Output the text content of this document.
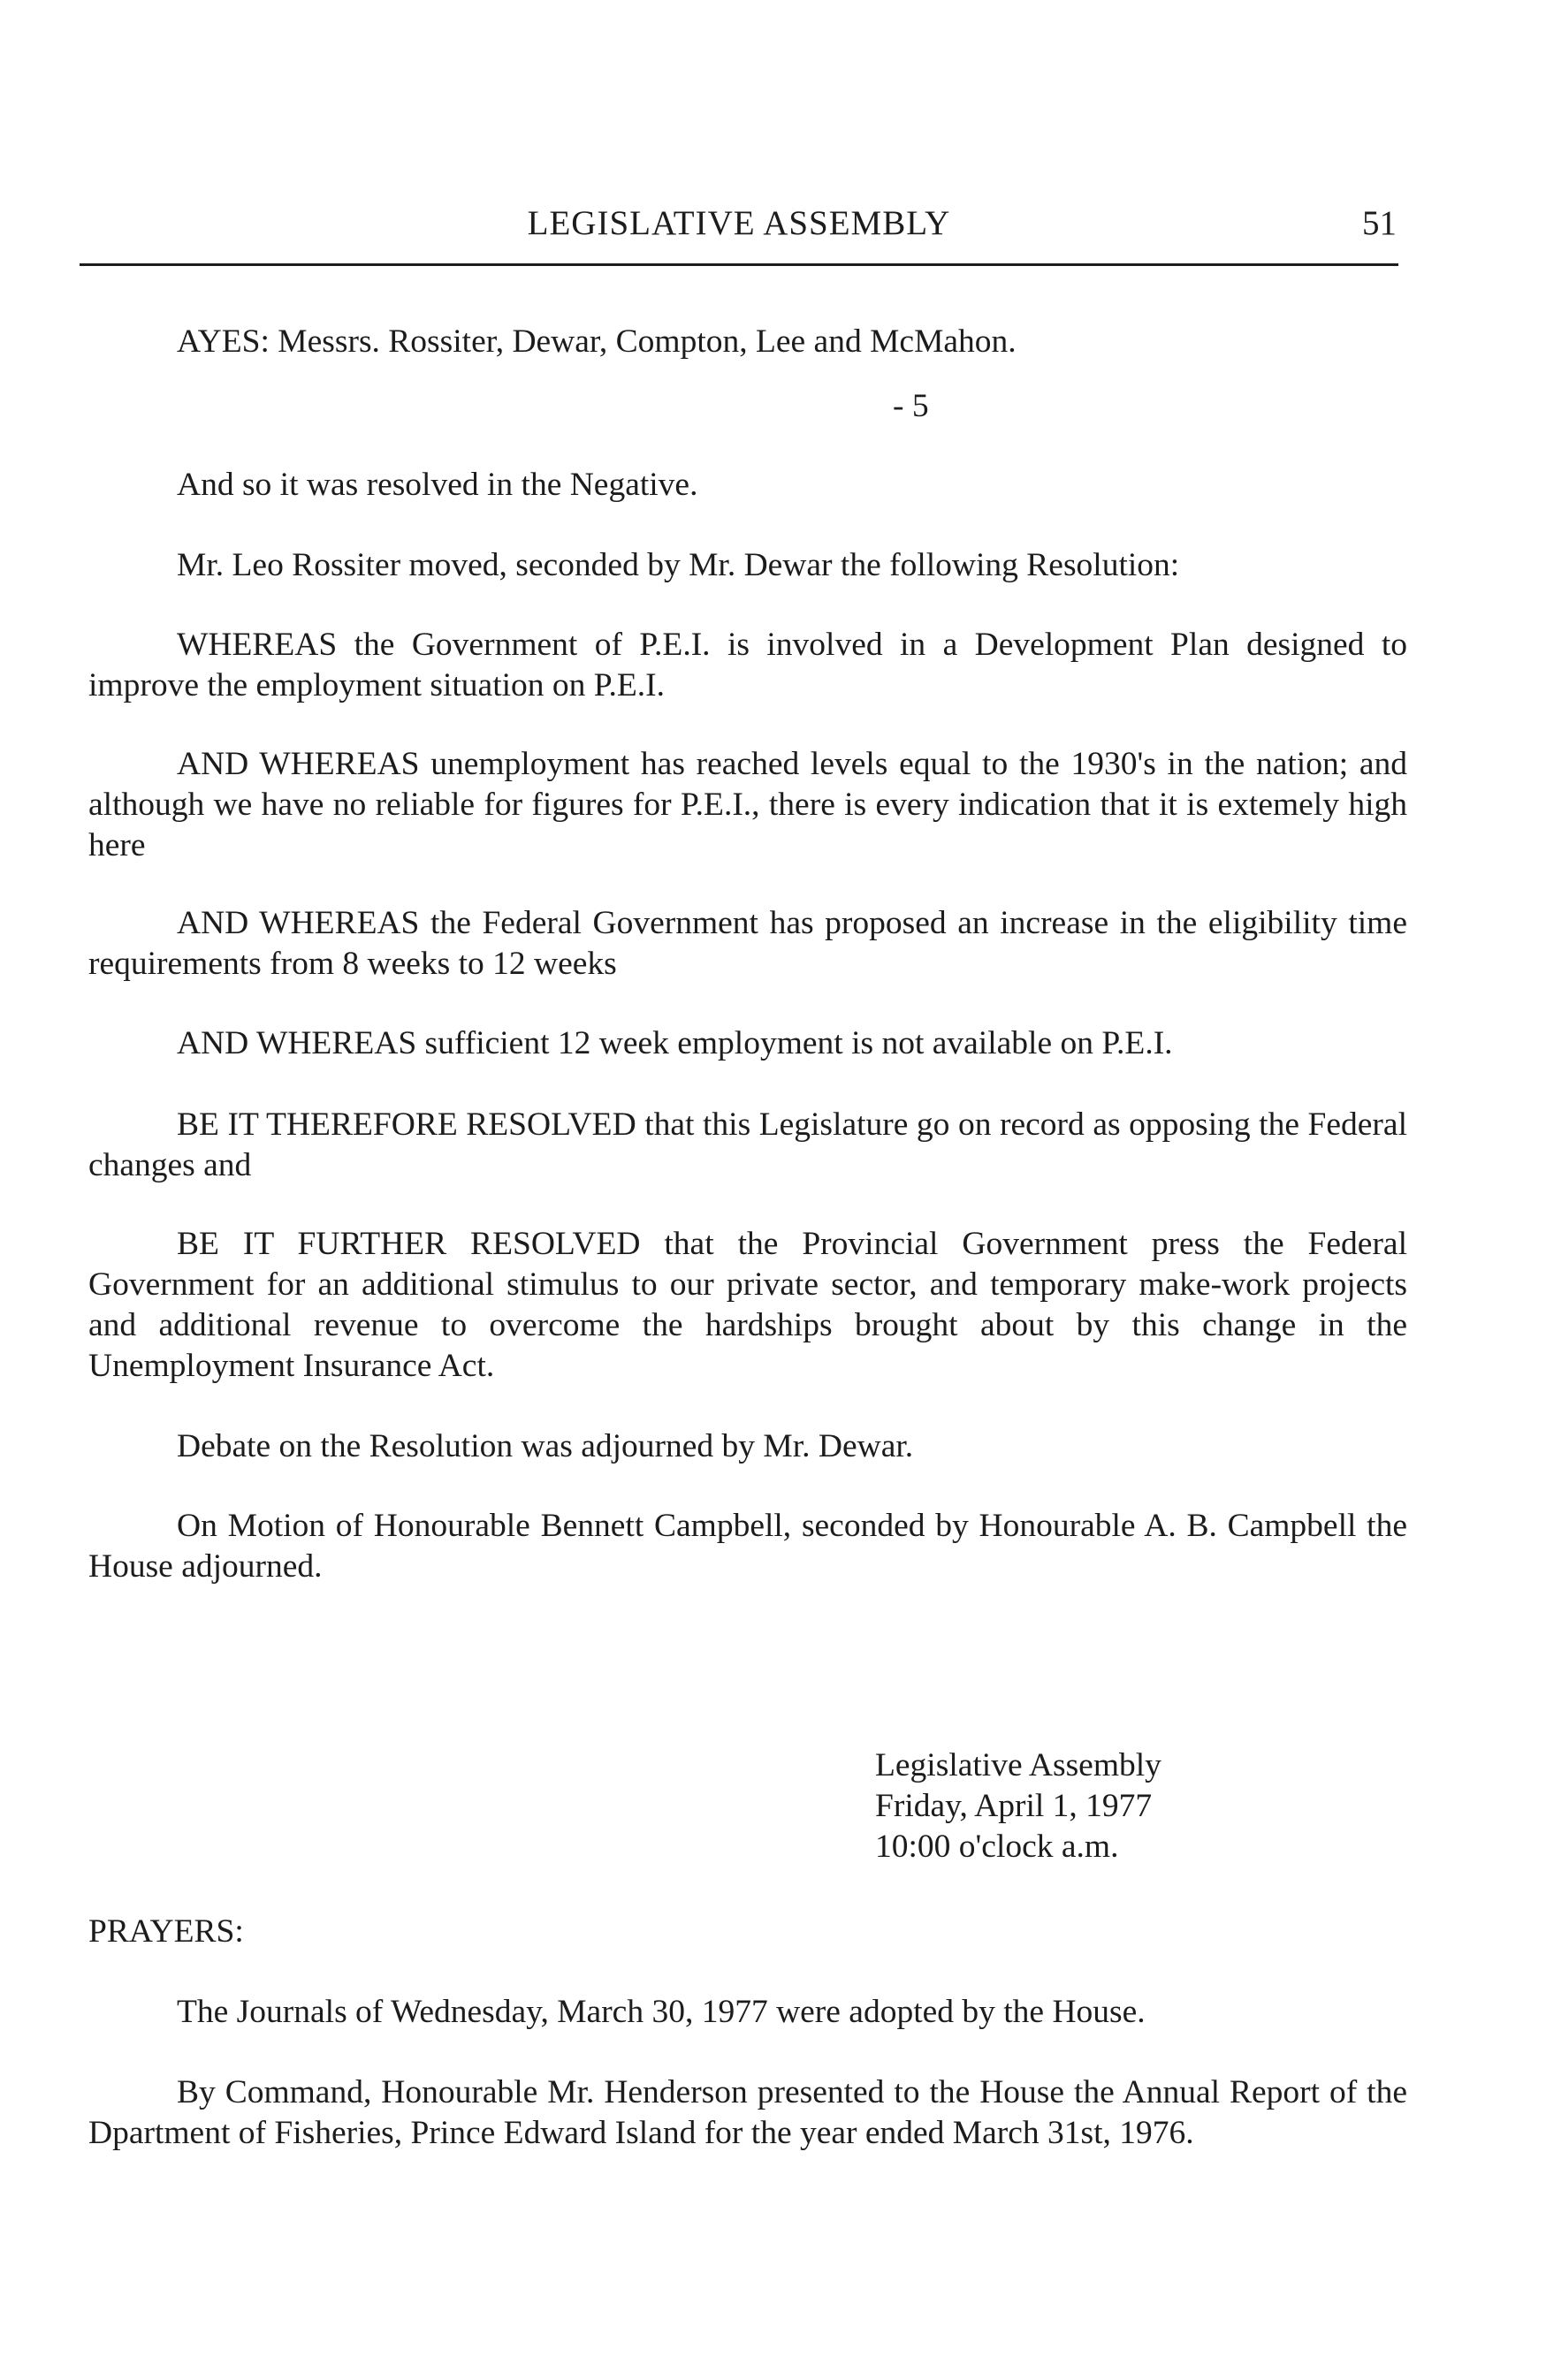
LEGISLATIVE ASSEMBLY	51

AYES: Messrs. Rossiter, Dewar, Compton, Lee and McMahon.

- 5

And so it was resolved in the Negative.

Mr. Leo Rossiter moved, seconded by Mr. Dewar the following Resolution:

WHEREAS the Government of P.E.I. is involved in a Development Plan designed to improve the employment situation on P.E.I.

AND WHEREAS unemployment has reached levels equal to the 1930's in the nation; and although we have no reliable for figures for P.E.I., there is every indication that it is extemely high here

AND WHEREAS the Federal Government has proposed an increase in the eligibility time requirements from 8 weeks to 12 weeks

AND WHEREAS sufficient 12 week employment is not available on P.E.I.

BE IT THEREFORE RESOLVED that this Legislature go on record as opposing the Federal changes and

BE IT FURTHER RESOLVED that the Provincial Government press the Federal Government for an additional stimulus to our private sector, and temporary make-work projects and additional revenue to overcome the hardships brought about by this change in the Unemployment Insurance Act.

Debate on the Resolution was adjourned by Mr. Dewar.

On Motion of Honourable Bennett Campbell, seconded by Honourable A. B. Campbell the House adjourned.

Legislative Assembly
Friday, April 1, 1977
10:00 o'clock a.m.

PRAYERS:

The Journals of Wednesday, March 30, 1977 were adopted by the House.

By Command, Honourable Mr. Henderson presented to the House the Annual Report of the Dpartment of Fisheries, Prince Edward Island for the year ended March 31st, 1976.
